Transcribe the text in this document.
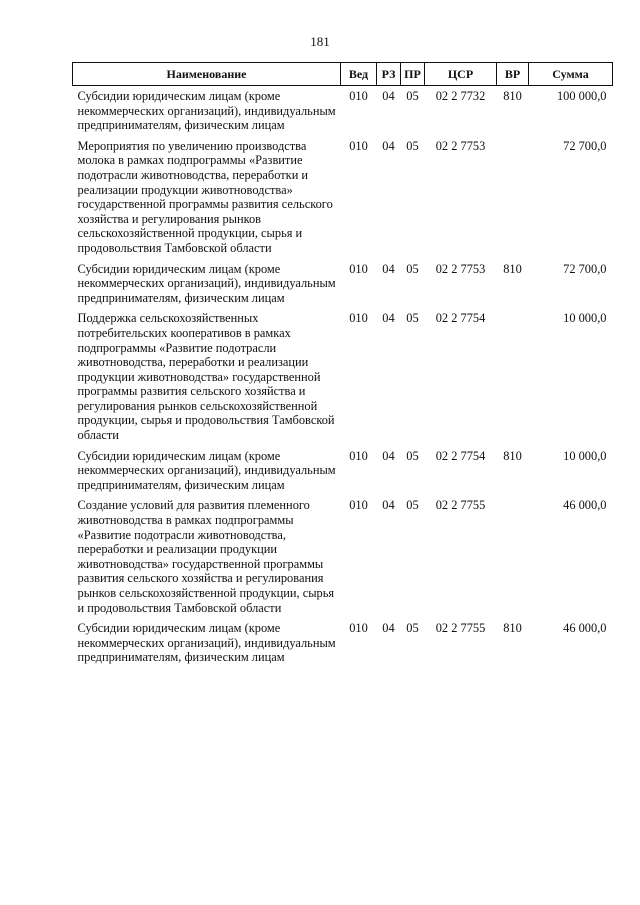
181
Наименование	Вед	РЗ	ПР	ЦСР	ВР	Сумма
Субсидии юридическим лицам (кроме некоммерческих организаций), индивидуальным предпринимателям, физическим лицам	010	04	05	02 2 7732	810	100 000,0
Мероприятия по увеличению производства молока в рамках подпрограммы «Развитие подотрасли животноводства, переработки и реализации продукции животноводства» государственной программы развития сельского хозяйства и регулирования рынков сельскохозяйственной продукции, сырья и продовольствия Тамбовской области	010	04	05	02 2 7753		72 700,0
Субсидии юридическим лицам (кроме некоммерческих организаций), индивидуальным предпринимателям, физическим лицам	010	04	05	02 2 7753	810	72 700,0
Поддержка сельскохозяйственных потребительских кооперативов в рамках подпрограммы «Развитие подотрасли животноводства, переработки и реализации продукции животноводства» государственной программы развития сельского хозяйства и регулирования рынков сельскохозяйственной продукции, сырья и продовольствия Тамбовской области	010	04	05	02 2 7754		10 000,0
Субсидии юридическим лицам (кроме некоммерческих организаций), индивидуальным предпринимателям, физическим лицам	010	04	05	02 2 7754	810	10 000,0
Создание условий для развития племенного животноводства в рамках подпрограммы «Развитие подотрасли животноводства, переработки и реализации продукции животноводства» государственной программы развития сельского хозяйства и регулирования рынков сельскохозяйственной продукции, сырья и продовольствия Тамбовской области	010	04	05	02 2 7755		46 000,0
Субсидии юридическим лицам (кроме некоммерческих организаций), индивидуальным предпринимателям, физическим лицам	010	04	05	02 2 7755	810	46 000,0
